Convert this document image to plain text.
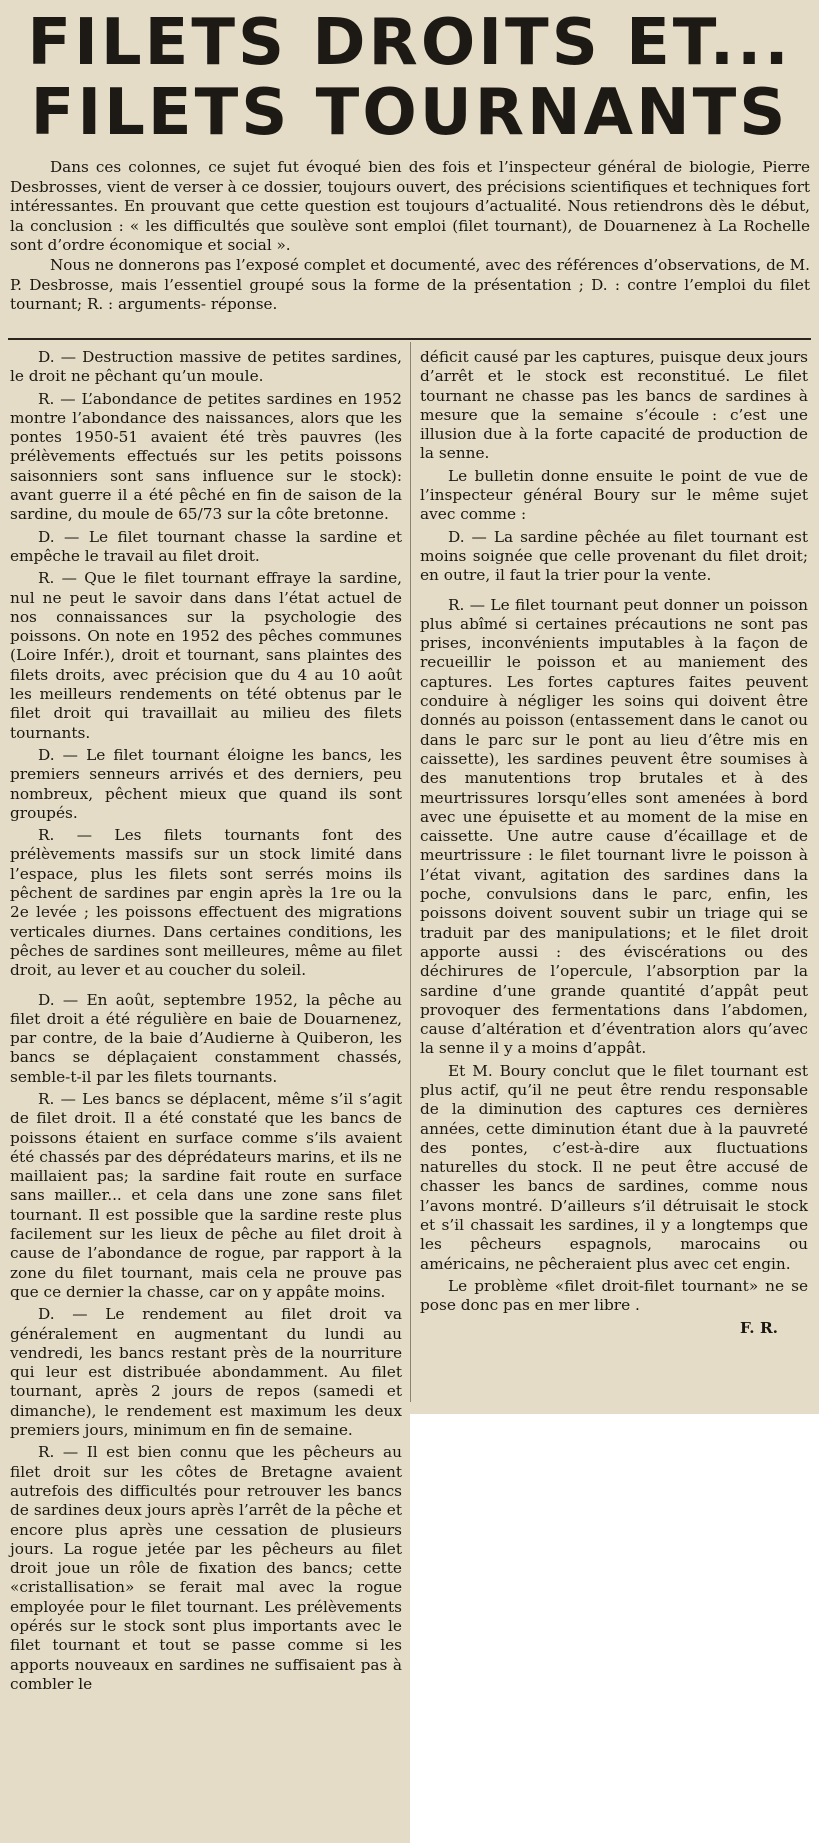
FILETS DROITS ET...
FILETS TOURNANTS

Dans ces colonnes, ce sujet fut évoqué bien des fois et l’inspecteur général de biologie, Pierre Desbrosses, vient de verser à ce dossier, toujours ouvert, des précisions scientifiques et techniques fort intéressantes. En prouvant que cette question est toujours d’actualité. Nous retiendrons dès le début, la conclusion : « les difficultés que soulève sont emploi (filet tournant), de Douarnenez à La Rochelle sont d’ordre économique et social ».

Nous ne donnerons pas l’exposé complet et documenté, avec des références d’observations, de M. P. Desbrosse, mais l’essentiel groupé sous la forme de la présentation ; D. : contre l’emploi du filet tournant; R. : arguments- réponse.

D. — Destruction massive de petites sardines, le droit ne pêchant qu’un moule.

R. — L’abondance de petites sardines en 1952 montre l’abondance des naissances, alors que les pontes 1950-51 avaient été très pauvres (les prélèvements effectués sur les petits poissons saisonniers sont sans influence sur le stock): avant guerre il a été pêché en fin de saison de la sardine, du moule de 65/73 sur la côte bretonne.

D. — Le filet tournant chasse la sardine et empêche le travail au filet droit.

R. — Que le filet tournant effraye la sardine, nul ne peut le savoir dans dans l’état actuel de nos connaissances sur la psychologie des poissons. On note en 1952 des pêches communes (Loire Infér.), droit et tournant, sans plaintes des filets droits, avec précision que du 4 au 10 août les meilleurs rendements on tété obtenus par le filet droit qui travaillait au milieu des filets tournants.

D. — Le filet tournant éloigne les bancs, les premiers senneurs arrivés et des derniers, peu nombreux, pêchent mieux que quand ils sont groupés.

R. — Les filets tournants font des prélèvements massifs sur un stock limité dans l’espace, plus les filets sont serrés moins ils pêchent de sardines par engin après la 1re ou la 2e levée ; les poissons effectuent des migrations verticales diurnes. Dans certaines conditions, les pêches de sardines sont meilleures, même au filet droit, au lever et au coucher du soleil.

D. — En août, septembre 1952, la pêche au filet droit a été régulière en baie de Douarnenez, par contre, de la baie d’Audierne à Quiberon, les bancs se déplaçaient constamment chassés, semble-t-il par les filets tournants.

R. — Les bancs se déplacent, même s’il s’agit de filet droit. Il a été constaté que les bancs de poissons étaient en surface comme s’ils avaient été chassés par des déprédateurs marins, et ils ne maillaient pas; la sardine fait route en surface sans mailler... et cela dans une zone sans filet tournant. Il est possible que la sardine reste plus facilement sur les lieux de pêche au filet droit à cause de l’abondance de rogue, par rapport à la zone du filet tournant, mais cela ne prouve pas que ce dernier la chasse, car on y appâte moins.

D. — Le rendement au filet droit va généralement en augmentant du lundi au vendredi, les bancs restant près de la nourriture qui leur est distribuée abondamment. Au filet tournant, après 2 jours de repos (samedi et dimanche), le rendement est maximum les deux premiers jours, minimum en fin de semaine.

R. — Il est bien connu que les pêcheurs au filet droit sur les côtes de Bretagne avaient autrefois des difficultés pour retrouver les bancs de sardines deux jours après l’arrêt de la pêche et encore plus après une cessation de plusieurs jours. La rogue jetée par les pêcheurs au filet droit joue un rôle de fixation des bancs; cette «cristallisation» se ferait mal avec la rogue employée pour le filet tournant. Les prélèvements opérés sur le stock sont plus importants avec le filet tournant et tout se passe comme si les apports nouveaux en sardines ne suffisaient pas à combler le

déficit causé par les captures, puisque deux jours d’arrêt et le stock est reconstitué. Le filet tournant ne chasse pas les bancs de sardines à mesure que la semaine s’écoule : c’est une illusion due à la forte capacité de production de la senne.

Le bulletin donne ensuite le point de vue de l’inspecteur général Boury sur le même sujet avec comme :

D. — La sardine pêchée au filet tournant est moins soignée que celle provenant du filet droit; en outre, il faut la trier pour la vente.

R. — Le filet tournant peut donner un poisson plus abîmé si certaines précautions ne sont pas prises, inconvénients imputables à la façon de recueillir le poisson et au maniement des captures. Les fortes captures faites peuvent conduire à négliger les soins qui doivent être donnés au poisson (entassement dans le canot ou dans le parc sur le pont au lieu d’être mis en caissette), les sardines peuvent être soumises à des manutentions trop brutales et à des meurtrissures lorsqu’elles sont amenées à bord avec une épuisette et au moment de la mise en caissette. Une autre cause d’écaillage et de meurtrissure : le filet tournant livre le poisson à l’état vivant, agitation des sardines dans la poche, convulsions dans le parc, enfin, les poissons doivent souvent subir un triage qui se traduit par des manipulations; et le filet droit apporte aussi : des éviscérations ou des déchirures de l’opercule, l’absorption par la sardine d’une grande quantité d’appât peut provoquer des fermentations dans l’abdomen, cause d’altération et d’éventration alors qu’avec la senne il y a moins d’appât.

Et M. Boury conclut que le filet tournant est plus actif, qu’il ne peut être rendu responsable de la diminution des captures ces dernières années, cette diminution étant due à la pauvreté des pontes, c’est-à-dire aux fluctuations naturelles du stock. Il ne peut être accusé de chasser les bancs de sardines, comme nous l’avons montré. D’ailleurs s’il détruisait le stock et s’il chassait les sardines, il y a longtemps que les pêcheurs espagnols, marocains ou américains, ne pêcheraient plus avec cet engin.

Le problème «filet droit-filet tournant» ne se pose donc pas en mer libre .

F. R.
